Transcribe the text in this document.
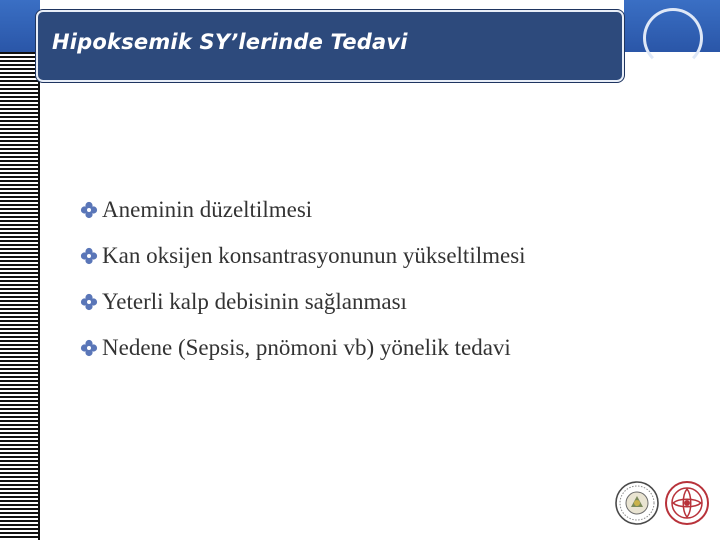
Hipoksemik SY’lerinde Tedavi
Aneminin düzeltilmesi
Kan oksijen konsantrasyonunun yükseltilmesi
Yeterli kalp debisinin sağlanması
Nedene (Sepsis, pnömoni vb) yönelik tedavi
